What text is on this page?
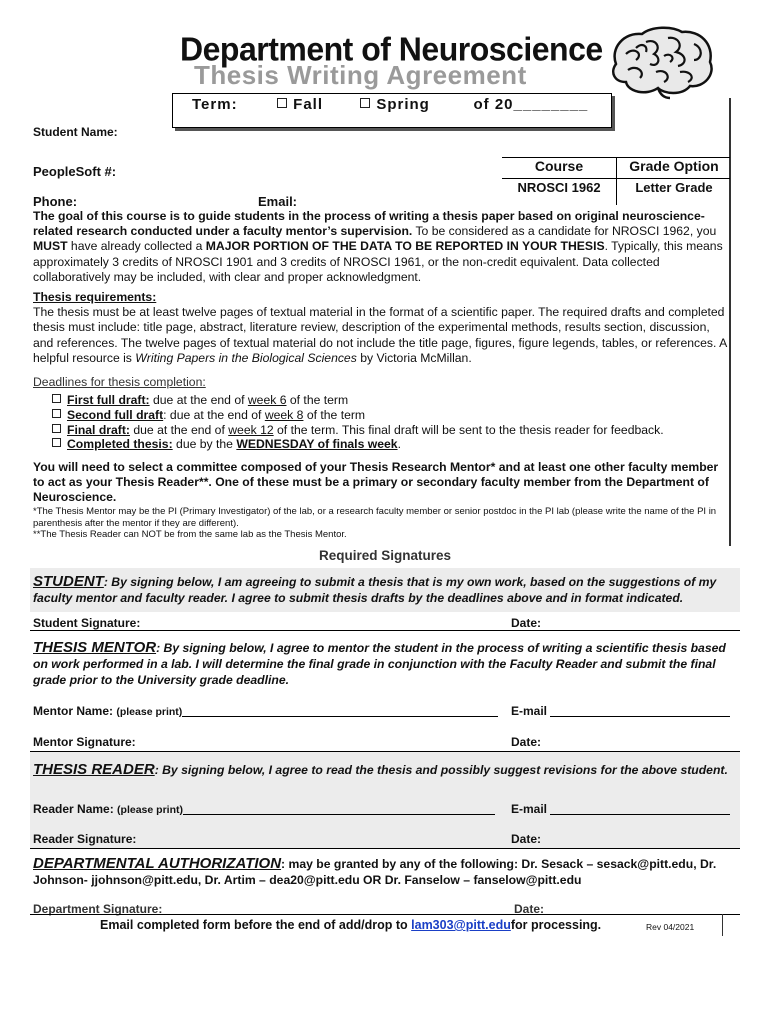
Department of Neuroscience
Thesis Writing Agreement
Term:	Fall	Spring	of 20________
Student Name:
PeopleSoft #:
Phone:	Email:
Course	Grade Option
NROSCI 1962	Letter Grade
The goal of this course is to guide students in the process of writing a thesis paper based on original neuroscience-related research conducted under a faculty mentor’s supervision. To be considered as a candidate for NROSCI 1962, you MUST have already collected a MAJOR PORTION OF THE DATA TO BE REPORTED IN YOUR THESIS. Typically, this means approximately 3 credits of NROSCI 1901 and 3 credits of NROSCI 1961, or the non-credit equivalent. Data collected collaboratively may be included, with clear and proper acknowledgment.
Thesis requirements:
The thesis must be at least twelve pages of textual material in the format of a scientific paper. The required drafts and completed thesis must include: title page, abstract, literature review, description of the experimental methods, results section, discussion, and references. The twelve pages of textual material do not include the title page, figures, figure legends, tables, or references. A helpful resource is Writing Papers in the Biological Sciences by Victoria McMillan.
Deadlines for thesis completion:
First full draft: due at the end of week 6 of the term
Second full draft: due at the end of week 8 of the term
Final draft: due at the end of week 12 of the term. This final draft will be sent to the thesis reader for feedback.
Completed thesis: due by the WEDNESDAY of finals week.
You will need to select a committee composed of your Thesis Research Mentor* and at least one other faculty member to act as your Thesis Reader**. One of these must be a primary or secondary faculty member from the Department of Neuroscience.
*The Thesis Mentor may be the PI (Primary Investigator) of the lab, or a research faculty member or senior postdoc in the PI lab (please write the name of the PI in parenthesis after the mentor if they are different).
**The Thesis Reader can NOT be from the same lab as the Thesis Mentor.
Required Signatures
STUDENT: By signing below, I am agreeing to submit a thesis that is my own work, based on the suggestions of my faculty mentor and faculty reader. I agree to submit thesis drafts by the deadlines above and in format indicated.
Student Signature:	Date:
THESIS MENTOR: By signing below, I agree to mentor the student in the process of writing a scientific thesis based on work performed in a lab. I will determine the final grade in conjunction with the Faculty Reader and submit the final grade prior to the University grade deadline.
Mentor Name: (please print)	E-mail
Mentor Signature:	Date:
THESIS READER: By signing below, I agree to read the thesis and possibly suggest revisions for the above student.
Reader Name: (please print)	E-mail
Reader Signature:	Date:
DEPARTMENTAL AUTHORIZATION: may be granted by any of the following: Dr. Sesack – sesack@pitt.edu, Dr. Johnson- jjohnson@pitt.edu, Dr. Artim – dea20@pitt.edu OR Dr. Fanselow – fanselow@pitt.edu
Department Signature:	Date:
Email completed form before the end of add/drop to lam303@pitt.edufor processing.	Rev 04/2021
